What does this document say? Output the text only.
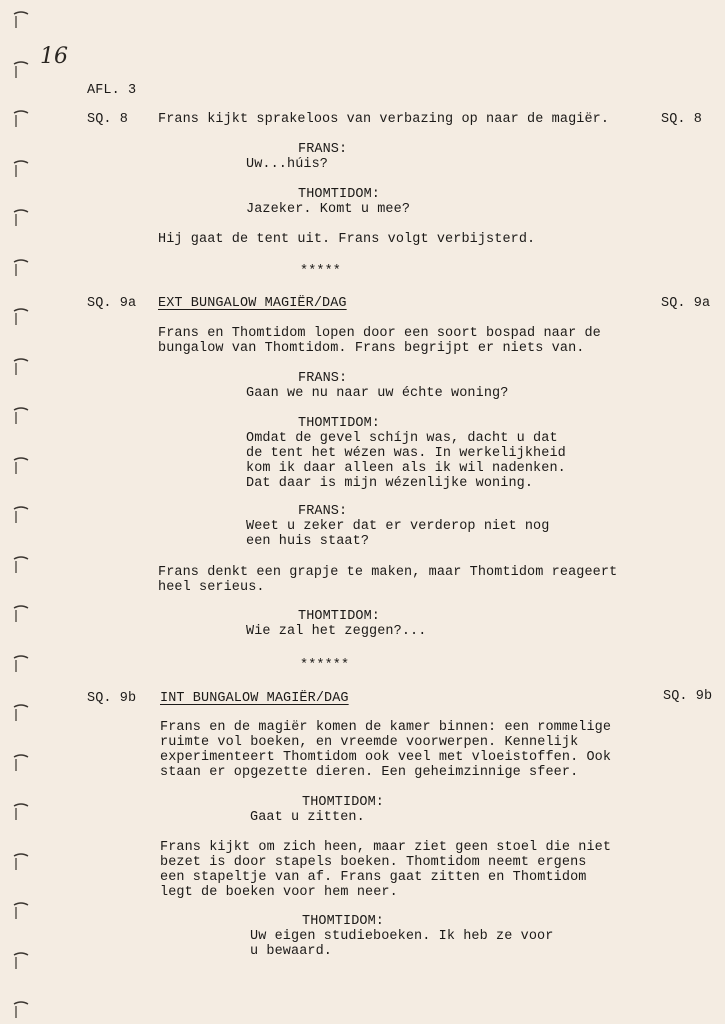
16
AFL. 3
SQ. 8 Frans kijkt sprakeloos van verbazing op naar de magiër.	SQ. 8
FRANS:
Uw...húis?
THOMTIDOM:
Jazeker. Komt u mee?
Hij gaat de tent uit. Frans volgt verbijsterd.
*****
SQ. 9a EXT BUNGALOW MAGIËR/DAG	SQ. 9a
Frans en Thomtidom lopen door een soort bospad naar de
bungalow van Thomtidom. Frans begrijpt er niets van.
FRANS:
Gaan we nu naar uw échte woning?
THOMTIDOM:
Omdat de gevel schíjn was, dacht u dat
de tent het wézen was. In werkelijkheid
kom ik daar alleen als ik wil nadenken.
Dat daar is mijn wézenlijke woning.
FRANS:
Weet u zeker dat er verderop niet nog
een huis staat?
Frans denkt een grapje te maken, maar Thomtidom reageert
heel serieus.
THOMTIDOM:
Wie zal het zeggen?...
******
SQ. 9b INT BUNGALOW MAGIËR/DAG	SQ. 9b
Frans en de magiër komen de kamer binnen: een rommelige
ruimte vol boeken, en vreemde voorwerpen. Kennelijk
experimenteert Thomtidom ook veel met vloeistoffen. Ook
staan er opgezette dieren. Een geheimzinnige sfeer.
THOMTIDOM:
Gaat u zitten.
Frans kijkt om zich heen, maar ziet geen stoel die niet
bezet is door stapels boeken. Thomtidom neemt ergens
een stapeltje van af. Frans gaat zitten en Thomtidom
legt de boeken voor hem neer.
THOMTIDOM:
Uw eigen studieboeken. Ik heb ze voor
u bewaard.
